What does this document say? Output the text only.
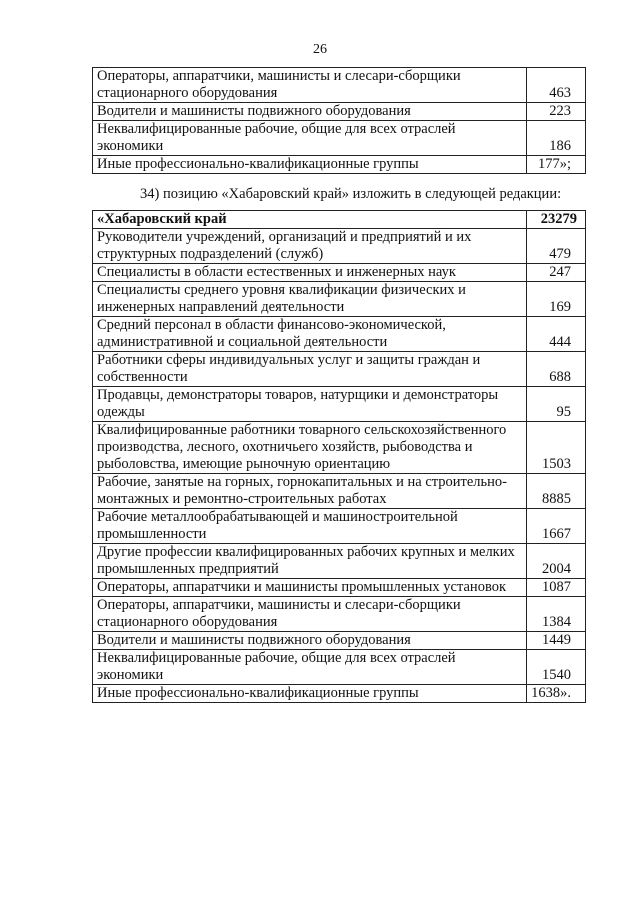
26
Операторы, аппаратчики, машинисты и слесари-сборщики стационарного оборудования	463
Водители и машинисты подвижного оборудования	223
Неквалифицированные рабочие, общие для всех отраслей экономики	186
Иные профессионально-квалификационные группы	177»;
34) позицию «Хабаровский край» изложить в следующей редакции:
«Хабаровский край	23279
Руководители учреждений, организаций и предприятий и их структурных подразделений (служб)	479
Специалисты в области естественных и инженерных наук	247
Специалисты среднего уровня квалификации физических и инженерных направлений деятельности	169
Средний персонал в области финансово-экономической, административной и социальной деятельности	444
Работники сферы индивидуальных услуг и защиты граждан и собственности	688
Продавцы, демонстраторы товаров, натурщики и демонстраторы одежды	95
Квалифицированные работники товарного сельскохозяйственного производства, лесного, охотничьего хозяйств, рыбоводства и рыболовства, имеющие рыночную ориентацию	1503
Рабочие, занятые на горных, горнокапитальных и на строительно-монтажных и ремонтно-строительных работах	8885
Рабочие металлообрабатывающей и машиностроительной промышленности	1667
Другие профессии квалифицированных рабочих крупных и мелких промышленных предприятий	2004
Операторы, аппаратчики и машинисты промышленных установок	1087
Операторы, аппаратчики, машинисты и слесари-сборщики стационарного оборудования	1384
Водители и машинисты подвижного оборудования	1449
Неквалифицированные рабочие, общие для всех отраслей экономики	1540
Иные профессионально-квалификационные группы	1638».
